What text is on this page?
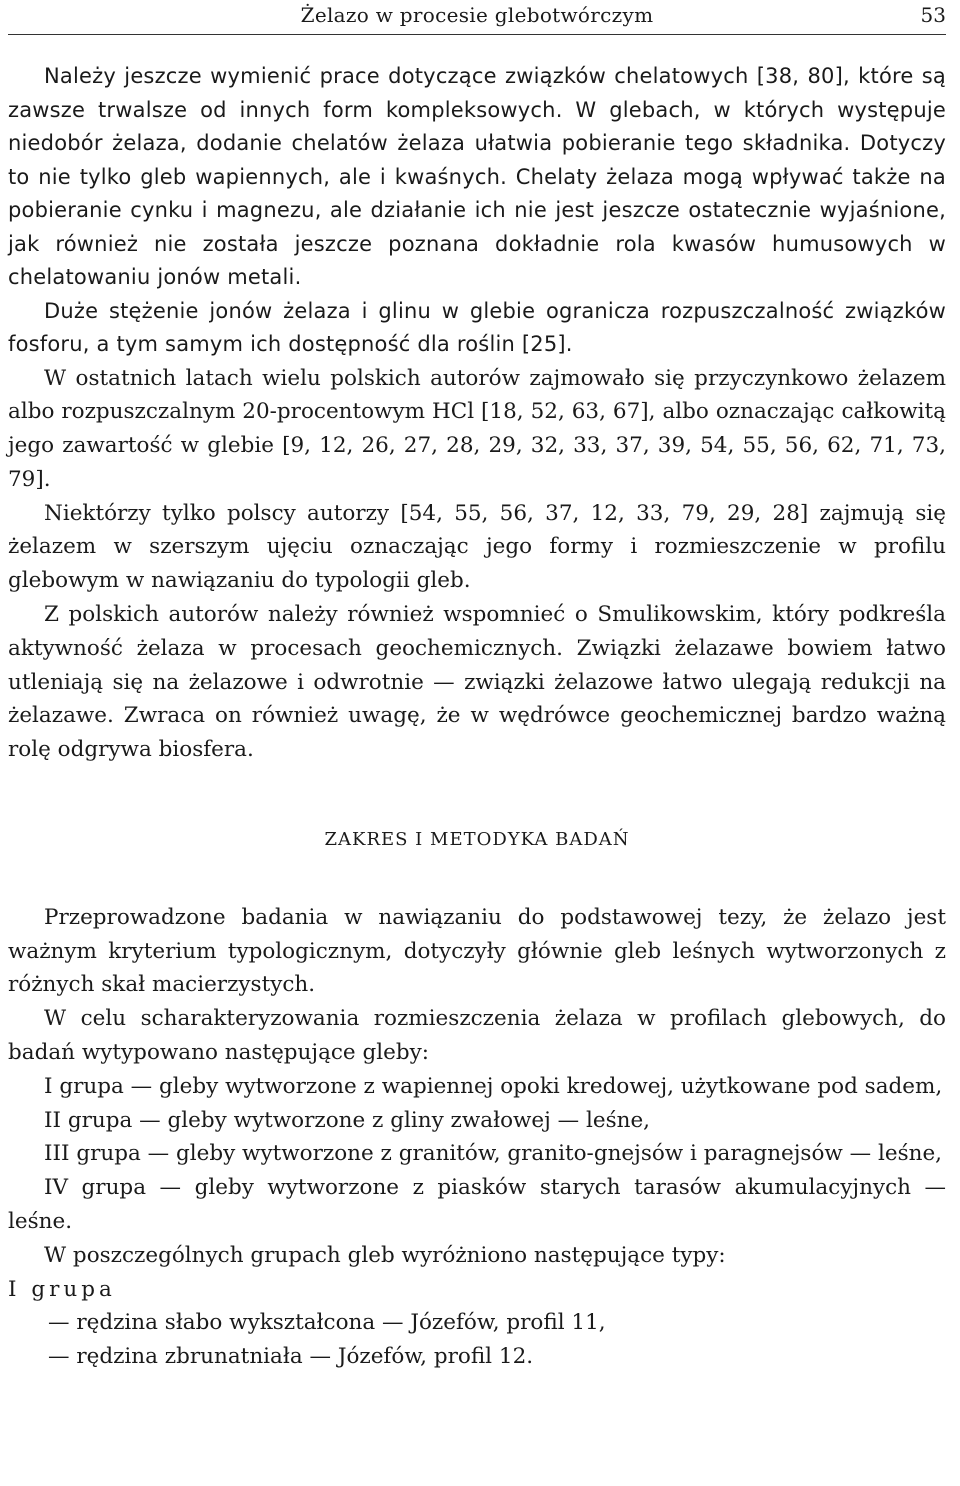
Żelazo w procesie glebotwórczym	53

Należy jeszcze wymienić prace dotyczące związków chelatowych [38, 80], które są zawsze trwalsze od innych form kompleksowych. W glebach, w których występuje niedobór żelaza, dodanie chelatów żelaza ułatwia pobieranie tego składnika. Dotyczy to nie tylko gleb wapiennych, ale i kwaśnych. Chelaty żelaza mogą wpływać także na pobieranie cynku i magnezu, ale działanie ich nie jest jeszcze ostatecznie wyjaśnione, jak również nie została jeszcze poznana dokładnie rola kwasów humusowych w chelatowaniu jonów metali.

Duże stężenie jonów żelaza i glinu w glebie ogranicza rozpuszczalność związków fosforu, a tym samym ich dostępność dla roślin [25].

W ostatnich latach wielu polskich autorów zajmowało się przyczynkowo żelazem albo rozpuszczalnym 20-procentowym HCl [18, 52, 63, 67], albo oznaczając całkowitą jego zawartość w glebie [9, 12, 26, 27, 28, 29, 32, 33, 37, 39, 54, 55, 56, 62, 71, 73, 79].

Niektórzy tylko polscy autorzy [54, 55, 56, 37, 12, 33, 79, 29, 28] zajmują się żelazem w szerszym ujęciu oznaczając jego formy i rozmieszczenie w profilu glebowym w nawiązaniu do typologii gleb.

Z polskich autorów należy również wspomnieć o Smulikowskim, który podkreśla aktywność żelaza w procesach geochemicznych. Związki żelazawe bowiem łatwo utleniają się na żelazowe i odwrotnie — związki żelazowe łatwo ulegają redukcji na żelazawe. Zwraca on również uwagę, że w wędrówce geochemicznej bardzo ważną rolę odgrywa biosfera.

ZAKRES I METODYKA BADAŃ

Przeprowadzone badania w nawiązaniu do podstawowej tezy, że żelazo jest ważnym kryterium typologicznym, dotyczyły głównie gleb leśnych wytworzonych z różnych skał macierzystych.

W celu scharakteryzowania rozmieszczenia żelaza w profilach glebowych, do badań wytypowano następujące gleby:

I grupa — gleby wytworzone z wapiennej opoki kredowej, użytkowane pod sadem,

II grupa — gleby wytworzone z gliny zwałowej — leśne,

III grupa — gleby wytworzone z granitów, granito-gnejsów i paragnejsów — leśne,

IV grupa — gleby wytworzone z piasków starych tarasów akumulacyjnych — leśne.

W poszczególnych grupach gleb wyróżniono następujące typy:

I grupa

— rędzina słabo wykształcona — Józefów, profil 11,

— rędzina zbrunatniała — Józefów, profil 12.
